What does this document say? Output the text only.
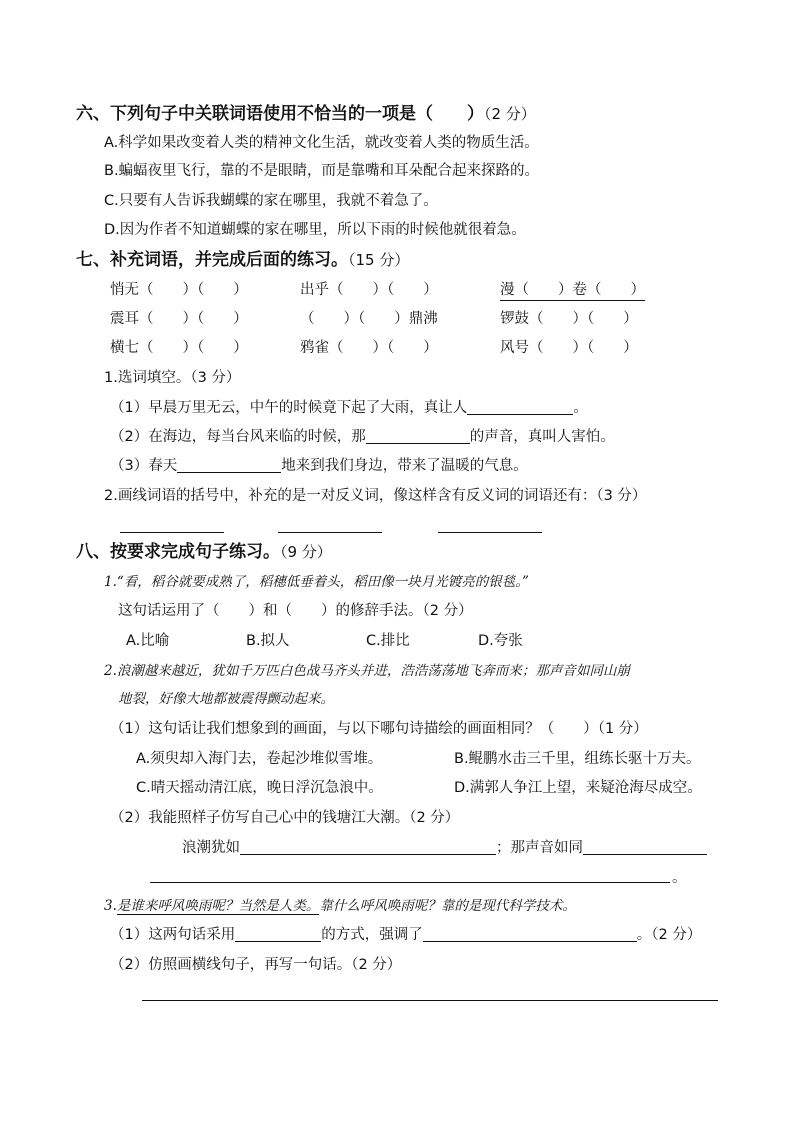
六、下列句子中关联词语使用不恰当的一项是（　　）（2 分）
A.科学如果改变着人类的精神文化生活，就改变着人类的物质生活。
B.蝙蝠夜里飞行，靠的不是眼睛，而是靠嘴和耳朵配合起来探路的。
C.只要有人告诉我蝴蝶的家在哪里，我就不着急了。
D.因为作者不知道蝴蝶的家在哪里，所以下雨的时候他就很着急。
七、补充词语，并完成后面的练习。（15 分）
悄无（　　）（　　）	出乎（　　）（　　）	漫（　　）卷（　　）
震耳（　　）（　　）	（　　）（　　）鼎沸	锣鼓（　　）（　　）
横七（　　）（　　）	鸦雀（　　）（　　）	风号（　　）（　　）
1.选词填空。（3 分）
（1）早晨万里无云，中午的时候竟下起了大雨，真让人	。
（2）在海边，每当台风来临的时候，那	的声音，真叫人害怕。
（3）春天	地来到我们身边，带来了温暖的气息。
2.画线词语的括号中，补充的是一对反义词，像这样含有反义词的词语还有：（3 分）
八、按要求完成句子练习。（9 分）
1.“看，稻谷就要成熟了，稻穗低垂着头，稻田像一块月光镀亮的银毯。”
这句话运用了（　　）和（　　）的修辞手法。（2 分）
A.比喻	B.拟人	C.排比	D.夸张
2.浪潮越来越近，犹如千万匹白色战马齐头并进，浩浩荡荡地飞奔而来；那声音如同山崩
地裂，好像大地都被震得颤动起来。
（1）这句话让我们想象到的画面，与以下哪句诗描绘的画面相同？（　　）（1 分）
A.须臾却入海门去，卷起沙堆似雪堆。	B.鲲鹏水击三千里，组练长驱十万夫。
C.晴天摇动清江底，晚日浮沉急浪中。	D.满郭人争江上望，来疑沧海尽成空。
（2）我能照样子仿写自己心中的钱塘江大潮。（2 分）
浪潮犹如	；那声音如同
。
3.是谁来呼风唤雨呢？当然是人类。靠什么呼风唤雨呢？靠的是现代科学技术。
（1）这两句话采用	的方式，强调了	。（2 分）
（2）仿照画横线句子，再写一句话。（2 分）
